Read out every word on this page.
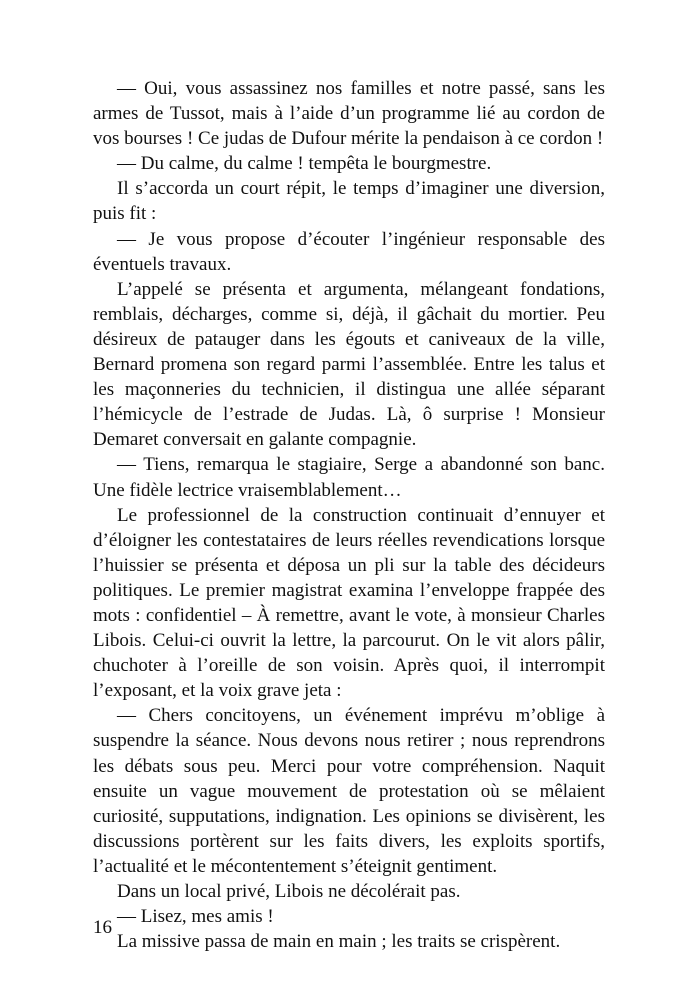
— Oui, vous assassinez nos familles et notre passé, sans les armes de Tussot, mais à l’aide d’un programme lié au cordon de vos bourses ! Ce judas de Dufour mérite la pendaison à ce cordon !

— Du calme, du calme ! tempêta le bourgmestre.

Il s’accorda un court répit, le temps d’imaginer une diversion, puis fit :

— Je vous propose d’écouter l’ingénieur responsable des éventuels travaux.

L’appelé se présenta et argumenta, mélangeant fondations, remblais, décharges, comme si, déjà, il gâchait du mortier. Peu désireux de patauger dans les égouts et caniveaux de la ville, Bernard promena son regard parmi l’assemblée. Entre les talus et les maçonneries du technicien, il distingua une allée séparant l’hémicycle de l’estrade de Judas. Là, ô surprise ! Monsieur Demaret conversait en galante compagnie.

— Tiens, remarqua le stagiaire, Serge a abandonné son banc. Une fidèle lectrice vraisemblablement…

Le professionnel de la construction continuait d’ennuyer et d’éloigner les contestataires de leurs réelles revendications lorsque l’huissier se présenta et déposa un pli sur la table des décideurs politiques. Le premier magistrat examina l’enveloppe frappée des mots : confidentiel – À remettre, avant le vote, à monsieur Charles Libois. Celui-ci ouvrit la lettre, la parcourut. On le vit alors pâlir, chuchoter à l’oreille de son voisin. Après quoi, il interrompit l’exposant, et la voix grave jeta :

— Chers concitoyens, un événement imprévu m’oblige à suspendre la séance. Nous devons nous retirer ; nous reprendrons les débats sous peu. Merci pour votre compréhension. Naquit ensuite un vague mouvement de protestation où se mêlaient curiosité, supputations, indignation. Les opinions se divisèrent, les discussions portèrent sur les faits divers, les exploits sportifs, l’actualité et le mécontentement s’éteignit gentiment.

Dans un local privé, Libois ne décolérait pas.

— Lisez, mes amis !

La missive passa de main en main ; les traits se crispèrent.

16
